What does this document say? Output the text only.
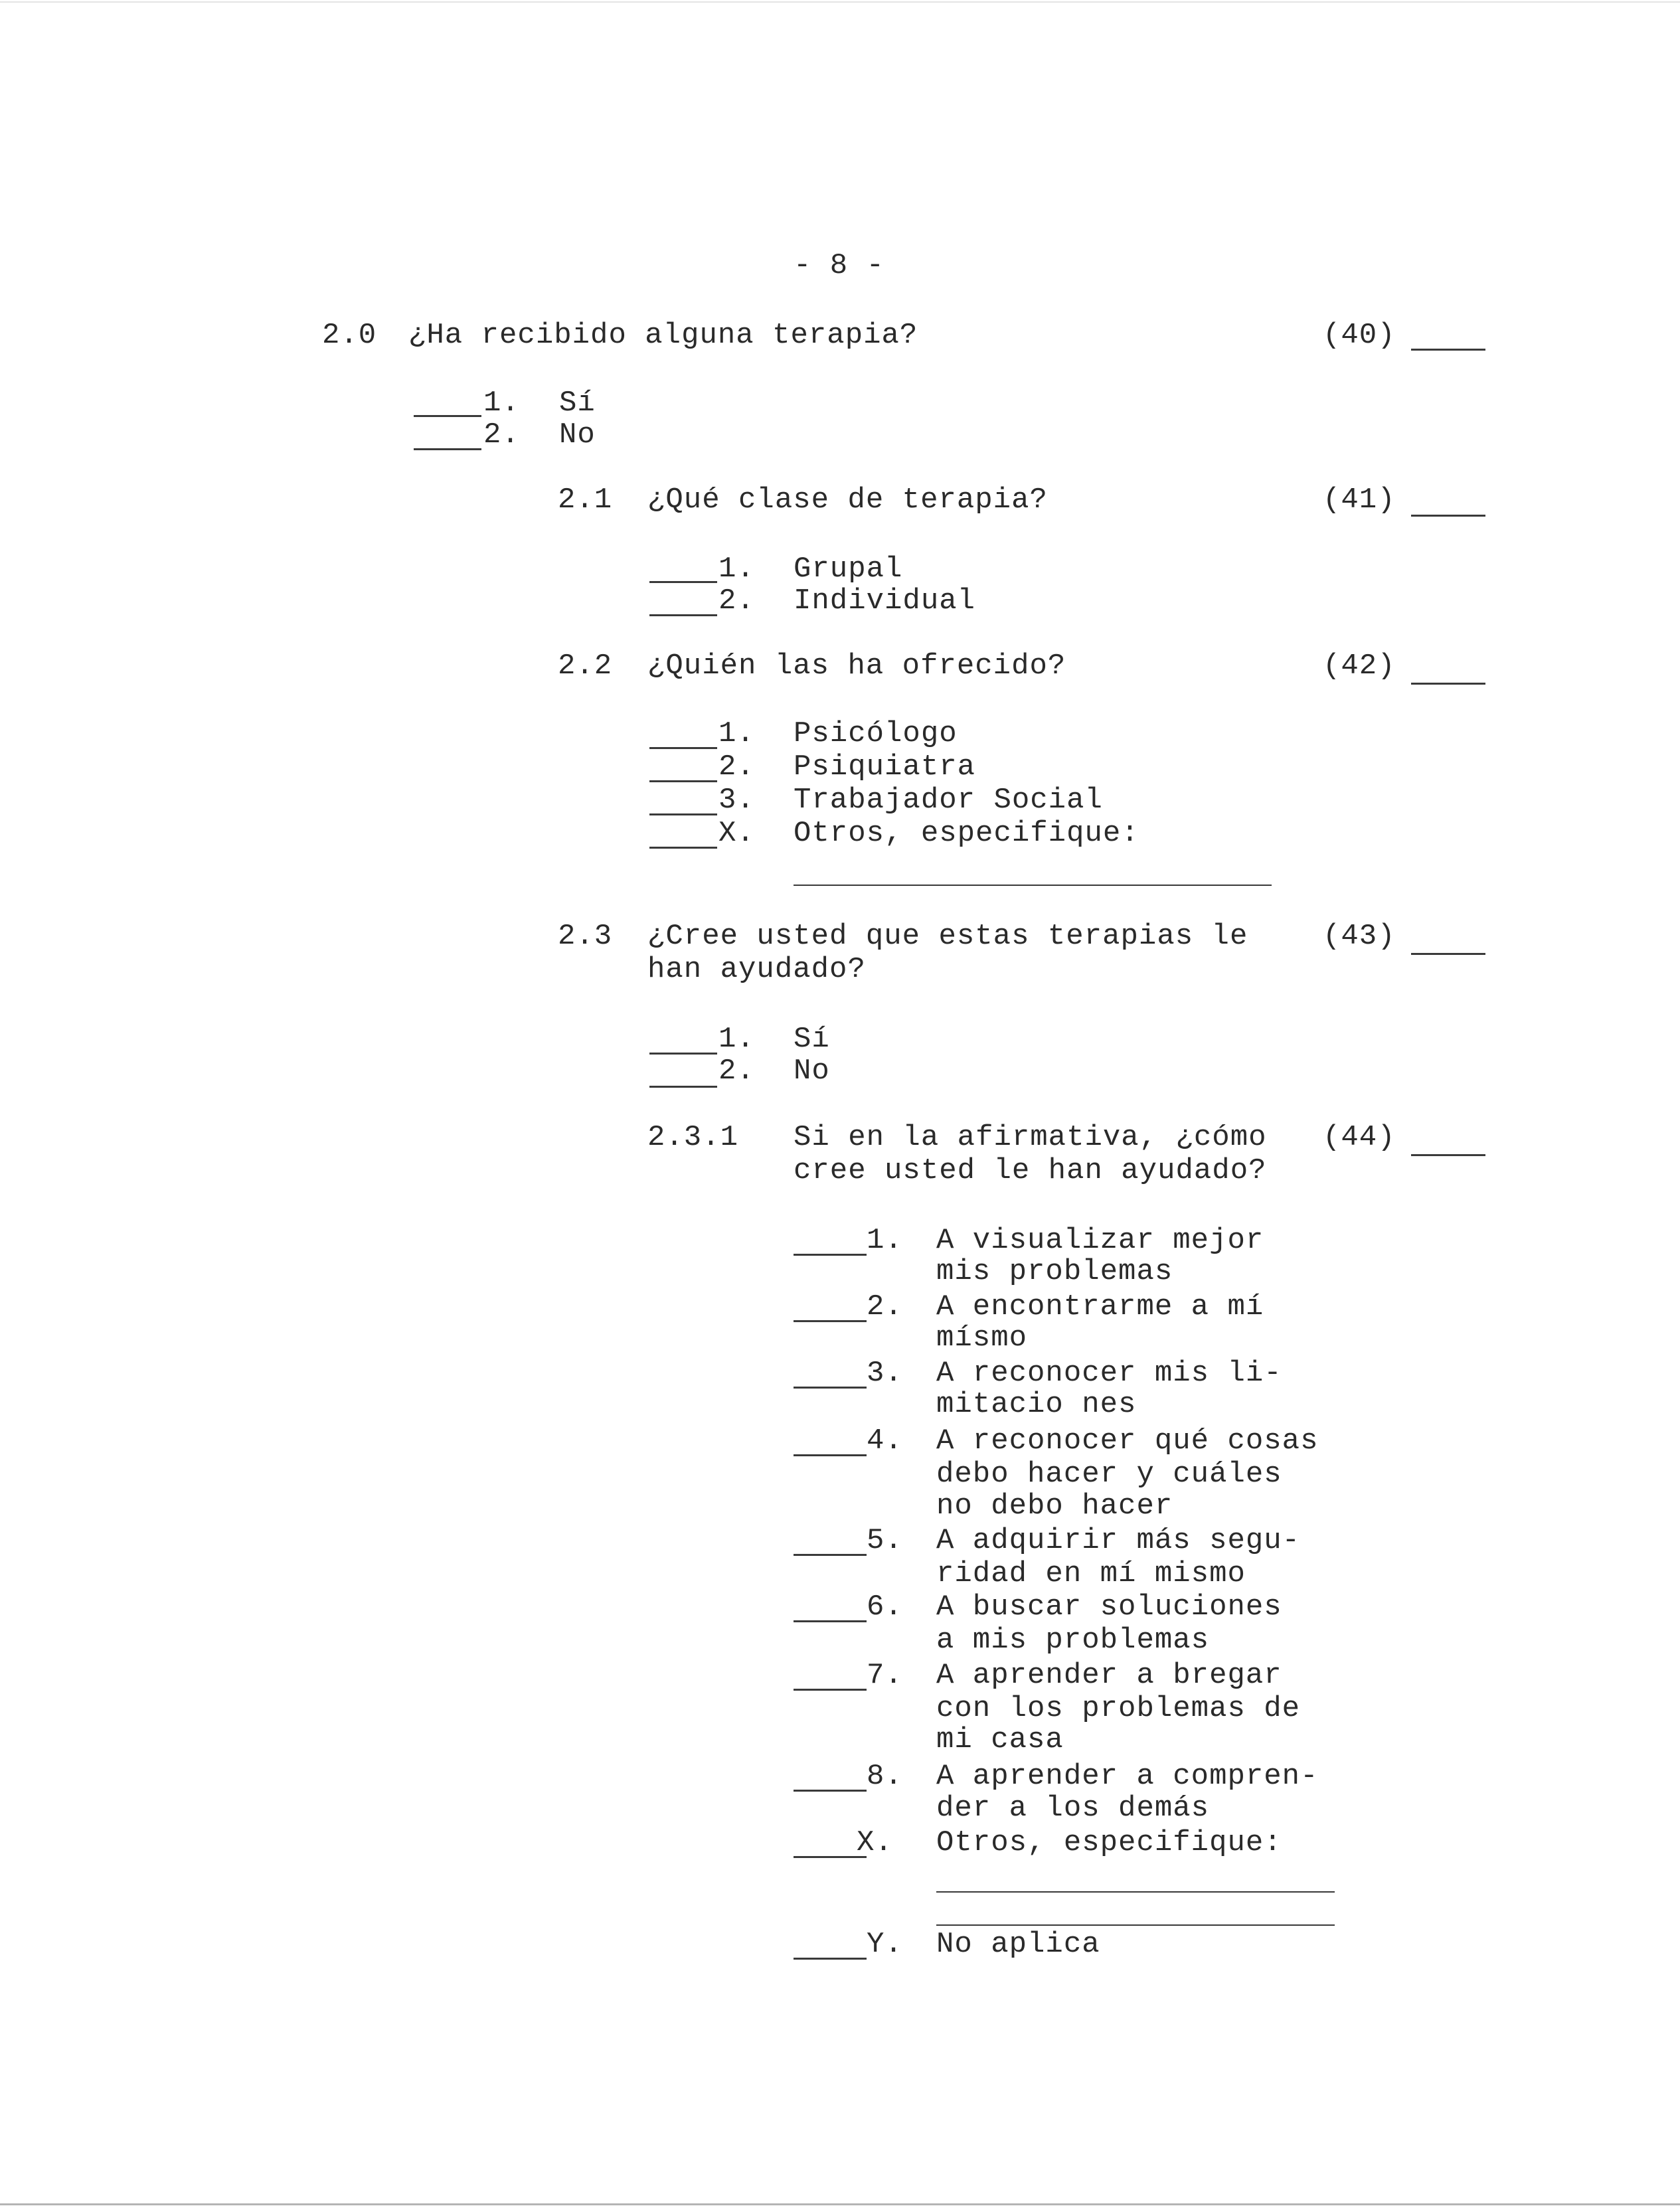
- 8 -
2.0 ¿Ha recibido alguna terapia?	(40)
1. Sí
2. No
2.1 ¿Qué clase de terapia?	(41)
1. Grupal
2. Individual
2.2 ¿Quién las ha ofrecido?	(42)
1. Psicólogo
2. Psiquiatra
3. Trabajador Social
X. Otros, especifique:
2.3 ¿Cree usted que estas terapias le
han ayudado?
(43)
1. Sí
2. No
2.3.1 Si en la afirmativa, ¿cómo
cree usted le han ayudado?
(44)
1. A visualizar mejor
mis problemas
2. A encontrarme a mí
mísmo
3. A reconocer mis li-
mitacio nes
4. A reconocer qué cosas
debo hacer y cuáles
no debo hacer
5. A adquirir más segu-
ridad en mí mismo
6. A buscar soluciones
a mis problemas
7. A aprender a bregar
con los problemas de
mi casa
8. A aprender a compren-
der a los demás
X. Otros, especifique:
Y. No aplica
